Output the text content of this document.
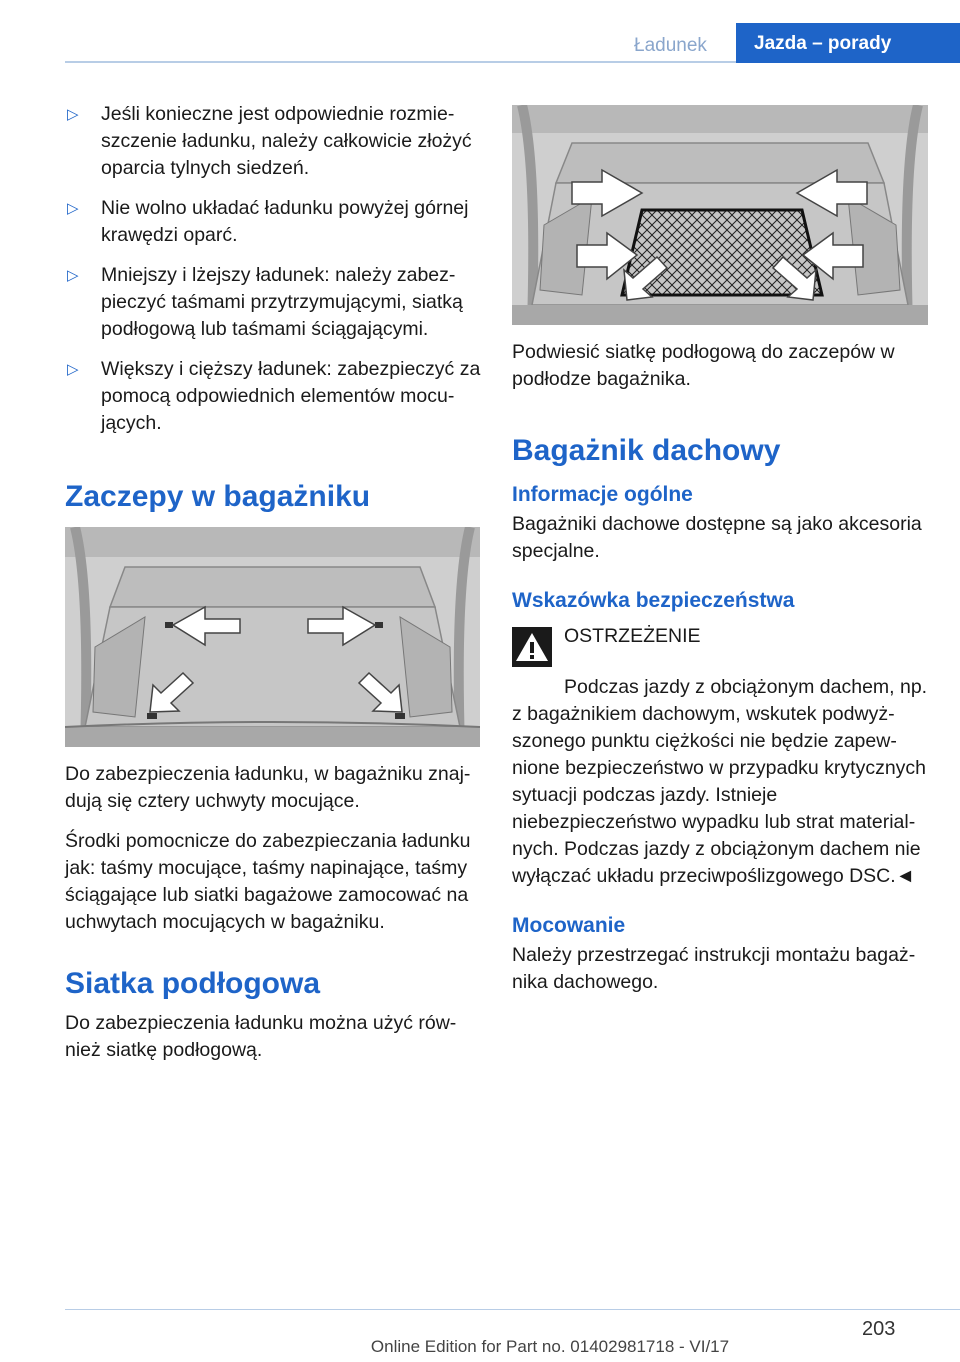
Ładunek	Jazda – porady
▷	Jeśli konieczne jest odpowiednie rozmieszczenie ładunku, należy całkowicie złożyć oparcia tylnych siedzeń.
▷	Nie wolno układać ładunku powyżej górnej krawędzi oparć.
▷	Mniejszy i lżejszy ładunek: należy zabezpieczyć taśmami przytrzymującymi, siatką podłogową lub taśmami ściągającymi.
▷	Większy i cięższy ładunek: zabezpieczyć za pomocą odpowiednich elementów mocujących.
Zaczepy w bagażniku

Do zabezpieczenia ładunku, w bagażniku znajdują się cztery uchwyty mocujące.

Środki pomocnicze do zabezpieczania ładunku jak: taśmy mocujące, taśmy napinające, taśmy ściągające lub siatki bagażowe zamocować na uchwytach mocujących w bagażniku.

Siatka podłogowa

Do zabezpieczenia ładunku można użyć również siatkę podłogową.

Podwiesić siatkę podłogową do zaczepów w podłodze bagażnika.

Bagażnik dachowy
Informacje ogólne

Bagażniki dachowe dostępne są jako akcesoria specjalne.

Wskazówka bezpieczeństwa

OSTRZEŻENIE

Podczas jazdy z obciążonym dachem, np. z bagażnikiem dachowym, wskutek podwyższonego punktu ciężkości nie będzie zapewnione bezpieczeństwo w przypadku krytycznych sytuacji podczas jazdy. Istnieje niebezpieczeństwo wypadku lub strat materialnych. Podczas jazdy z obciążonym dachem nie wyłączać układu przeciwpoślizgowego DSC.◄

Mocowanie

Należy przestrzegać instrukcji montażu bagażnika dachowego.

203
Online Edition for Part no. 01402981718 - VI/17
